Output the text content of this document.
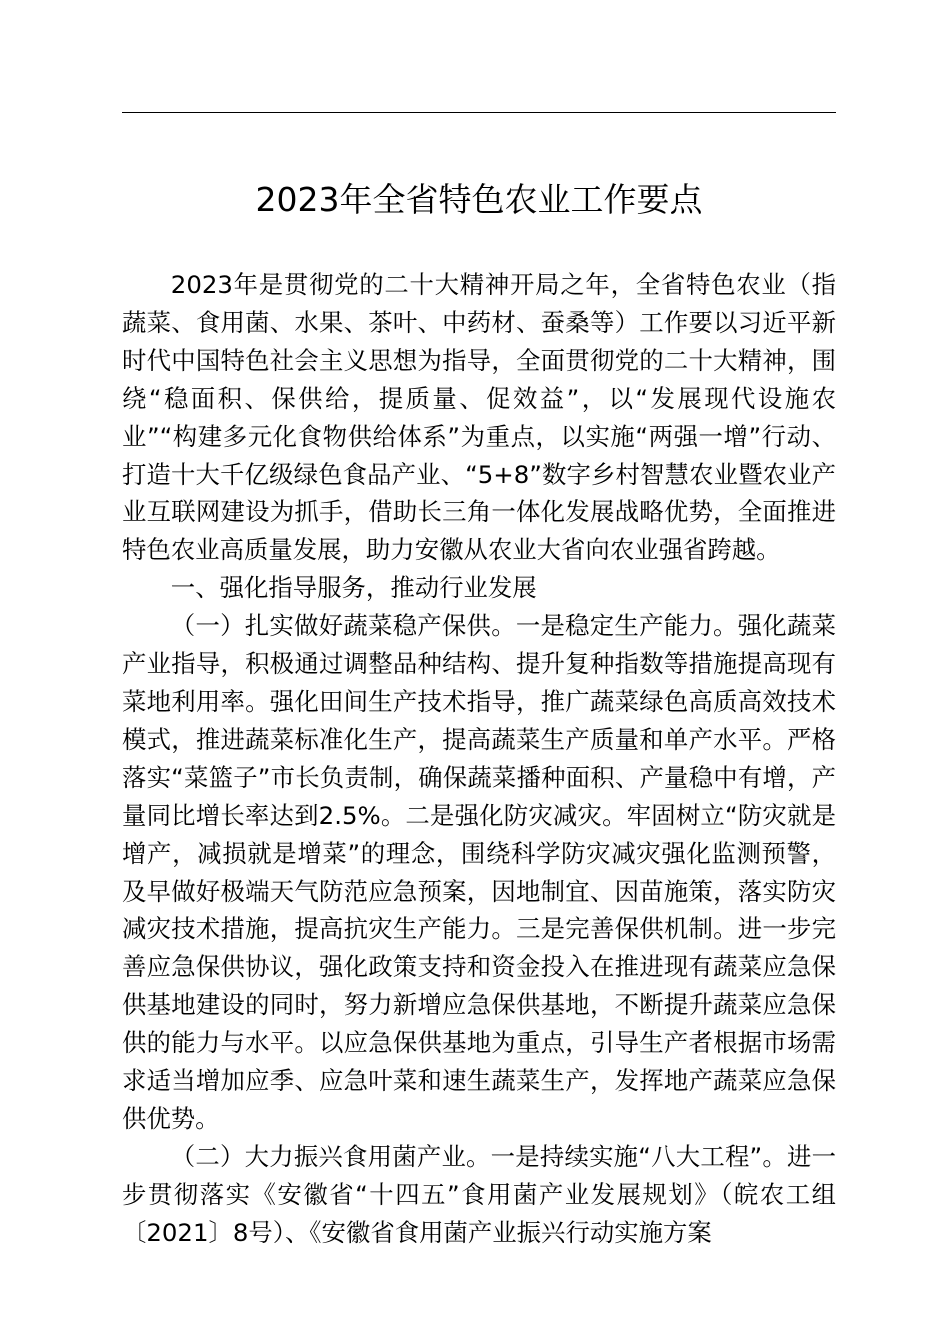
2023年全省特色农业工作要点

2023年是贯彻党的二十大精神开局之年，全省特色农业（指蔬菜、食用菌、水果、茶叶、中药材、蚕桑等）工作要以习近平新时代中国特色社会主义思想为指导，全面贯彻党的二十大精神，围绕“稳面积、保供给，提质量、促效益”，以“发展现代设施农业”“构建多元化食物供给体系”为重点，以实施“两强一增”行动、打造十大千亿级绿色食品产业、“5+8”数字乡村智慧农业暨农业产业互联网建设为抓手，借助长三角一体化发展战略优势，全面推进特色农业高质量发展，助力安徽从农业大省向农业强省跨越。

一、强化指导服务，推动行业发展

（一）扎实做好蔬菜稳产保供。一是稳定生产能力。强化蔬菜产业指导，积极通过调整品种结构、提升复种指数等措施提高现有菜地利用率。强化田间生产技术指导，推广蔬菜绿色高质高效技术模式，推进蔬菜标准化生产，提高蔬菜生产质量和单产水平。严格落实“菜篮子”市长负责制，确保蔬菜播种面积、产量稳中有增，产量同比增长率达到2.5%。二是强化防灾减灾。牢固树立“防灾就是增产，减损就是增菜”的理念，围绕科学防灾减灾强化监测预警，及早做好极端天气防范应急预案，因地制宜、因苗施策，落实防灾减灾技术措施，提高抗灾生产能力。三是完善保供机制。进一步完善应急保供协议，强化政策支持和资金投入在推进现有蔬菜应急保供基地建设的同时，努力新增应急保供基地，不断提升蔬菜应急保供的能力与水平。以应急保供基地为重点，引导生产者根据市场需求适当增加应季、应急叶菜和速生蔬菜生产，发挥地产蔬菜应急保供优势。

（二）大力振兴食用菌产业。一是持续实施“八大工程”。进一步贯彻落实《安徽省“十四五”食用菌产业发展规划》（皖农工组〔2021〕8号）、《安徽省食用菌产业振兴行动实施方案
